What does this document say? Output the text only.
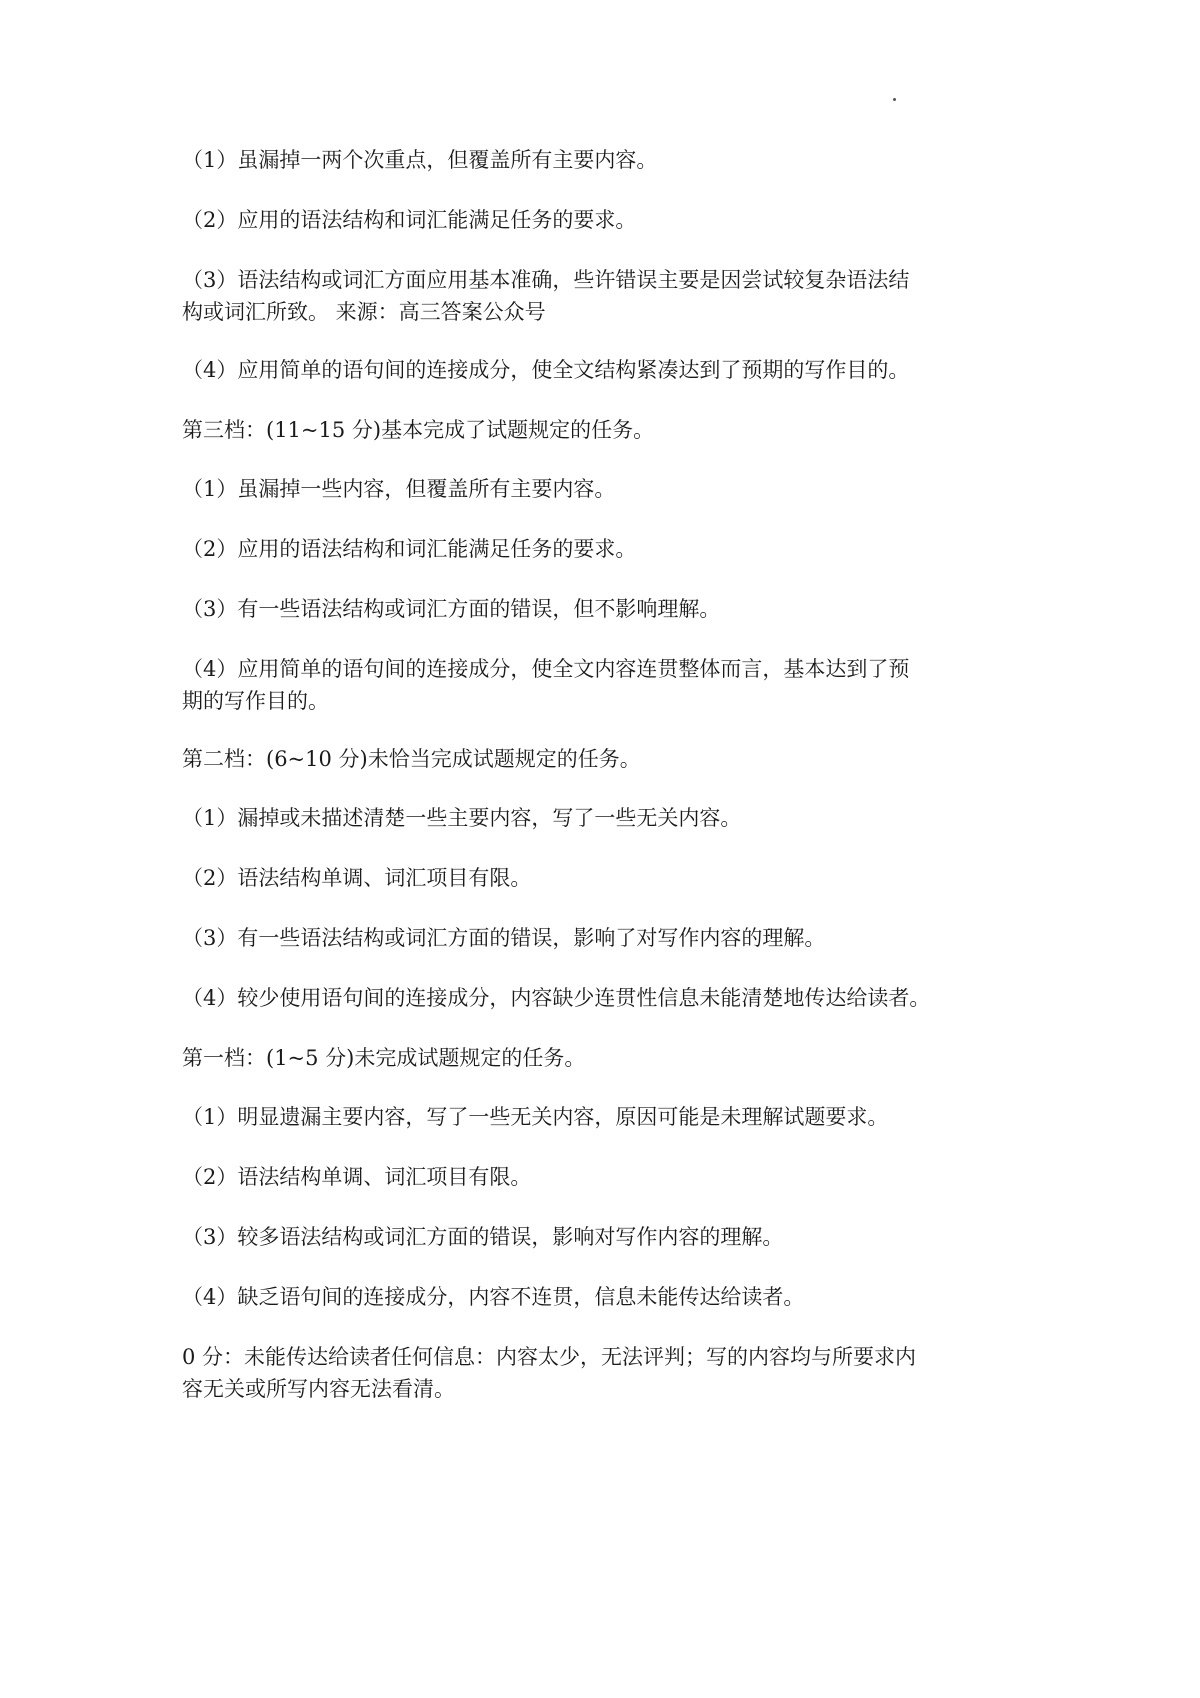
（1）虽漏掉一两个次重点，但覆盖所有主要内容。

（2）应用的语法结构和词汇能满足任务的要求。

（3）语法结构或词汇方面应用基本准确，些许错误主要是因尝试较复杂语法结

构或词汇所致。 来源：高三答案公众号

（4）应用简单的语句间的连接成分，使全文结构紧凑达到了预期的写作目的。

第三档：(11~15 分)基本完成了试题规定的任务。

（1）虽漏掉一些内容，但覆盖所有主要内容。

（2）应用的语法结构和词汇能满足任务的要求。

（3）有一些语法结构或词汇方面的错误，但不影响理解。

（4）应用简单的语句间的连接成分，使全文内容连贯整体而言，基本达到了预

期的写作目的。

第二档：(6~10 分)未恰当完成试题规定的任务。

（1）漏掉或未描述清楚一些主要内容，写了一些无关内容。

（2）语法结构单调、词汇项目有限。

（3）有一些语法结构或词汇方面的错误，影响了对写作内容的理解。

（4）较少使用语句间的连接成分，内容缺少连贯性信息未能清楚地传达给读者。

第一档：(1~5 分)未完成试题规定的任务。

（1）明显遗漏主要内容，写了一些无关内容，原因可能是未理解试题要求。

（2）语法结构单调、词汇项目有限。

（3）较多语法结构或词汇方面的错误，影响对写作内容的理解。

（4）缺乏语句间的连接成分，内容不连贯，信息未能传达给读者。

0 分：未能传达给读者任何信息：内容太少，无法评判；写的内容均与所要求内

容无关或所写内容无法看清。
